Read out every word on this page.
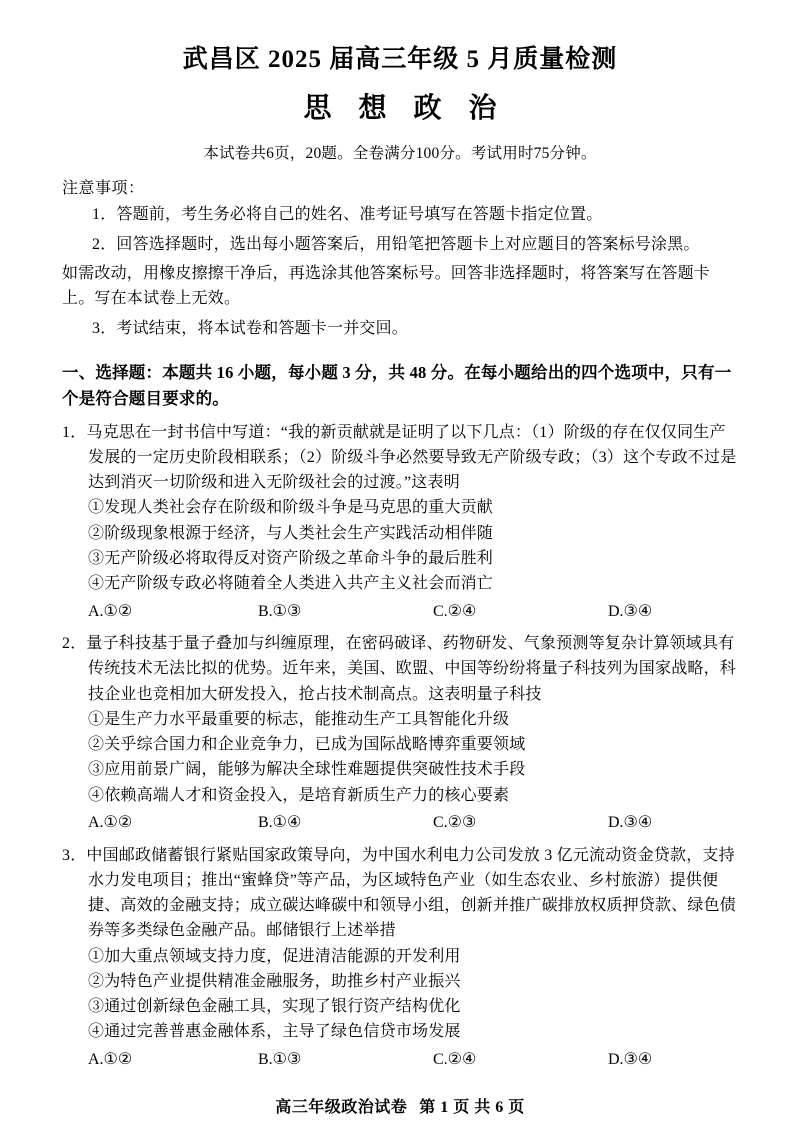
武昌区 2025 届高三年级 5 月质量检测
思 想 政 治
本试卷共6页，20题。全卷满分100分。考试用时75分钟。
注意事项：
1．答题前，考生务必将自己的姓名、准考证号填写在答题卡指定位置。
2．回答选择题时，选出每小题答案后，用铅笔把答题卡上对应题目的答案标号涂黑。
如需改动，用橡皮擦擦干净后，再选涂其他答案标号。回答非选择题时，将答案写在答题卡上。写在本试卷上无效。
3．考试结束，将本试卷和答题卡一并交回。
一、选择题：本题共 16 小题，每小题 3 分，共 48 分。在每小题给出的四个选项中，只有一个是符合题目要求的。
1．马克思在一封书信中写道：“我的新贡献就是证明了以下几点：（1）阶级的存在仅仅同生产发展的一定历史阶段相联系；（2）阶级斗争必然要导致无产阶级专政；（3）这个专政不过是达到消灭一切阶级和进入无阶级社会的过渡。”这表明
①发现人类社会存在阶级和阶级斗争是马克思的重大贡献
②阶级现象根源于经济，与人类社会生产实践活动相伴随
③无产阶级必将取得反对资产阶级之革命斗争的最后胜利
④无产阶级专政必将随着全人类进入共产主义社会而消亡
A.①②	B.①③	C.②④	D.③④
2．量子科技基于量子叠加与纠缠原理，在密码破译、药物研发、气象预测等复杂计算领域具有传统技术无法比拟的优势。近年来，美国、欧盟、中国等纷纷将量子科技列为国家战略，科技企业也竞相加大研发投入，抢占技术制高点。这表明量子科技
①是生产力水平最重要的标志，能推动生产工具智能化升级
②关乎综合国力和企业竞争力，已成为国际战略博弈重要领域
③应用前景广阔，能够为解决全球性难题提供突破性技术手段
④依赖高端人才和资金投入，是培育新质生产力的核心要素
A.①②	B.①④	C.②③	D.③④
3．中国邮政储蓄银行紧贴国家政策导向，为中国水利电力公司发放 3 亿元流动资金贷款，支持水力发电项目；推出“蜜蜂贷”等产品，为区域特色产业（如生态农业、乡村旅游）提供便捷、高效的金融支持；成立碳达峰碳中和领导小组，创新并推广碳排放权质押贷款、绿色债券等多类绿色金融产品。邮储银行上述举措
①加大重点领域支持力度，促进清洁能源的开发利用
②为特色产业提供精准金融服务，助推乡村产业振兴
③通过创新绿色金融工具，实现了银行资产结构优化
④通过完善普惠金融体系，主导了绿色信贷市场发展
A.①②	B.①③	C.②④	D.③④
高三年级政治试卷 第 1 页 共 6 页
